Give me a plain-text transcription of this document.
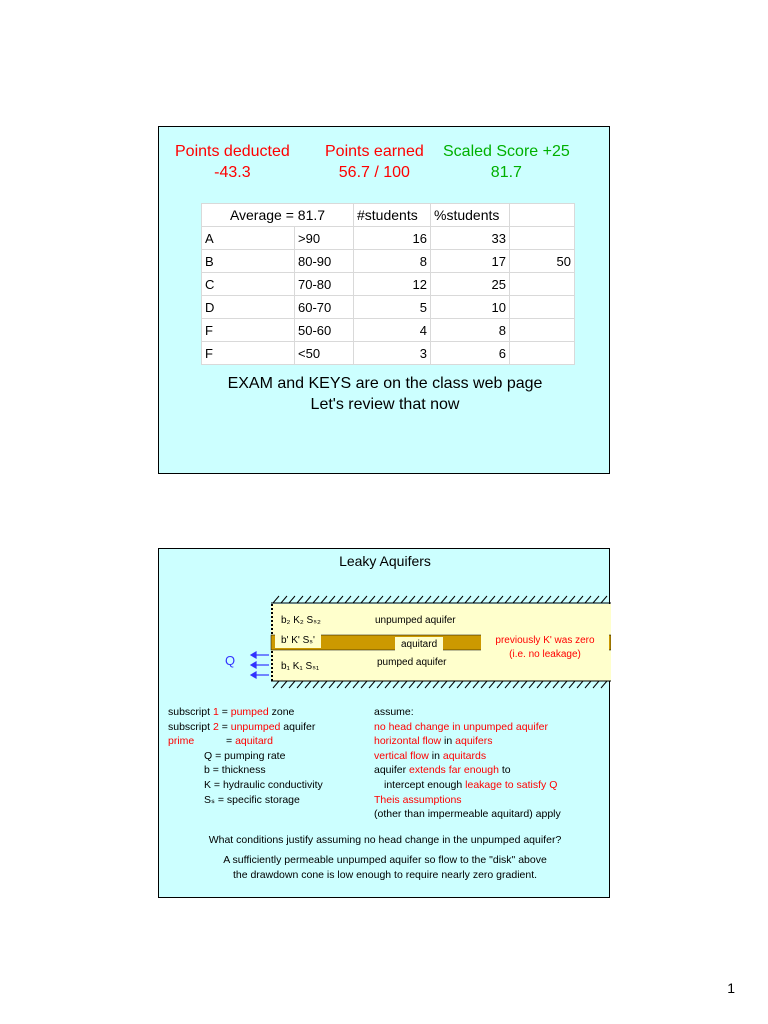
Points deducted
-43.3
Points earned
56.7 / 100
Scaled Score +25
81.7
Average = 81.7		#students	%students	
A	>90	16	33	
B	80-90	8	17	50
C	70-80	12	25	
D	60-70	5	10	
F	50-60	4	8	
F	<50	3	6	
EXAM and KEYS are on the class web page
Let's review that now
Leaky Aquifers
b₂ K₂ Sₛ₂
b' K' Sₛ'
b₁ K₁ Sₛ₁
unpumped aquifer
aquitard
pumped aquifer
Q
previously K' was zero
(i.e. no leakage)
subscript 1 = pumped zone
subscript 2 = unpumped aquifer
prime	= aquitard
Q = pumping rate
b = thickness
K = hydraulic conductivity
Sₛ = specific storage
assume:
no head change in unpumped aquifer
horizontal flow in aquifers
vertical flow in aquitards
aquifer extends far enough to
intercept enough leakage to satisfy Q
Theis assumptions
(other than impermeable aquitard) apply
What conditions justify assuming no head change in the unpumped aquifer?
A sufficiently permeable unpumped aquifer so flow to the "disk" above
the drawdown cone is low enough to require nearly zero gradient.
1
